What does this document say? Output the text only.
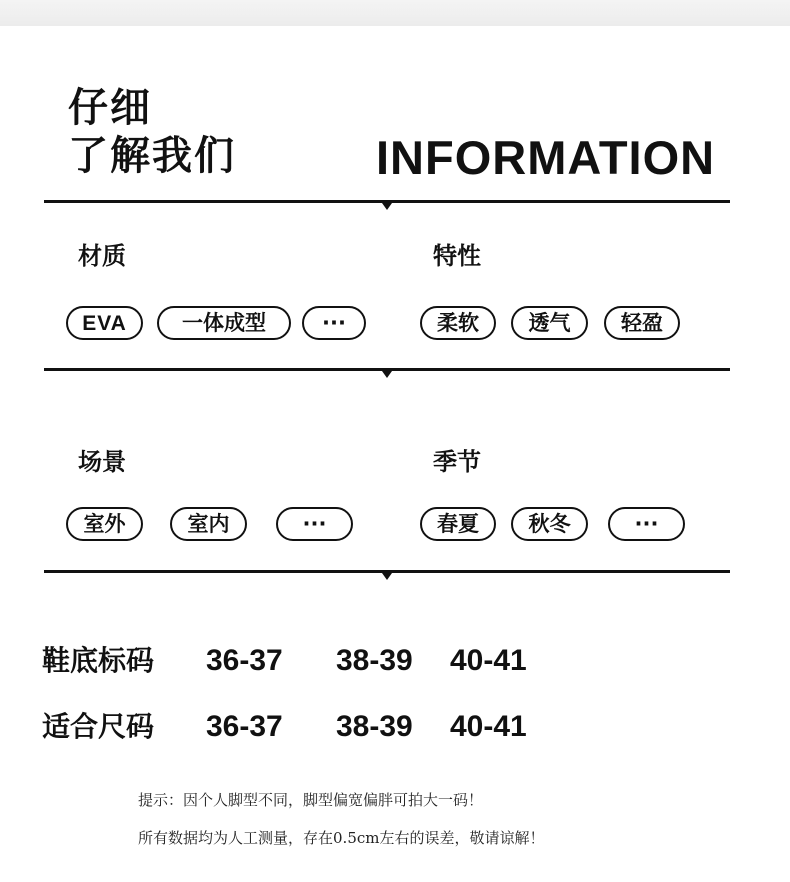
仔细
了解我们	INFORMATION
材质
EVA	一体成型	···
特性
柔软	透气	轻盈
场景
室外	室内	···
季节
春夏	秋冬	···
鞋底标码 36-37 38-39 40-41
适合尺码 36-37 38-39 40-41
提示：因个人脚型不同，脚型偏宽偏胖可拍大一码！
所有数据均为人工测量，存在0.5cm左右的误差，敬请谅解！
